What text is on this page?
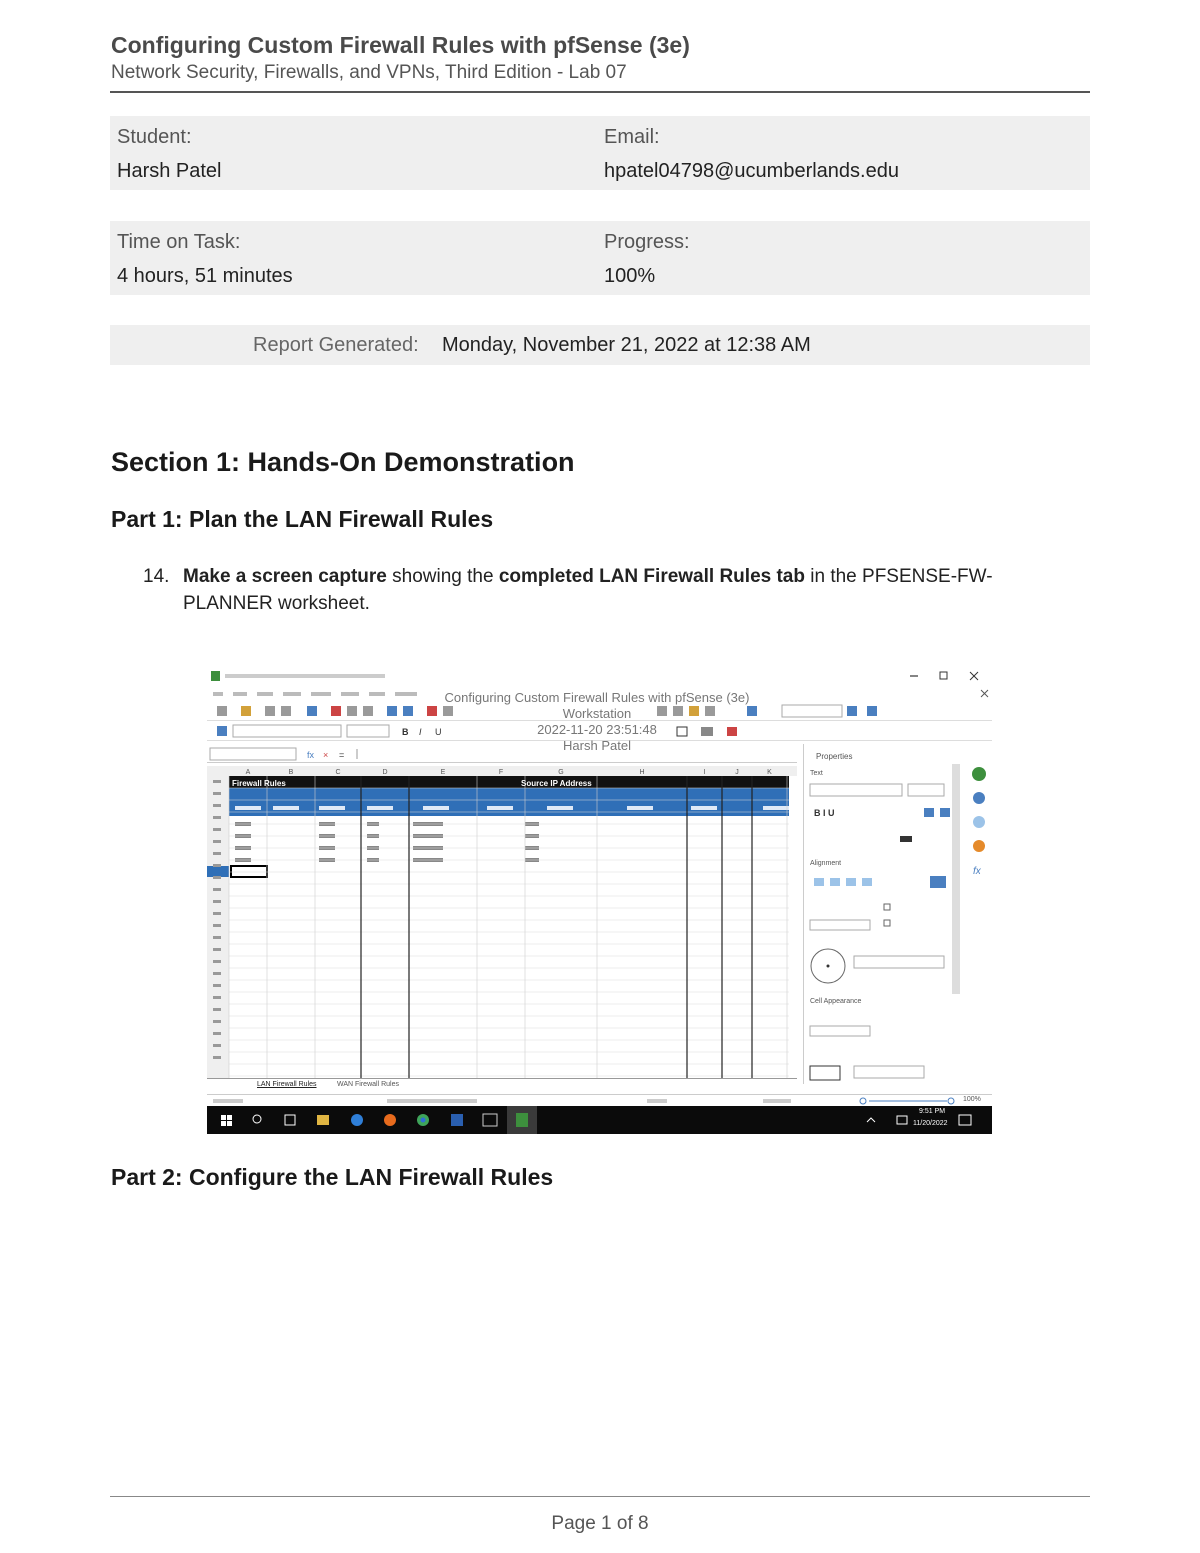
Configuring Custom Firewall Rules with pfSense (3e)
Network Security, Firewalls, and VPNs, Third Edition - Lab 07
Student:
Harsh Patel
Email:
hpatel04798@ucumberlands.edu
Time on Task:
4 hours, 51 minutes
Progress:
100%
Report Generated: Monday, November 21, 2022 at 12:38 AM
Section 1: Hands-On Demonstration
Part 1: Plan the LAN Firewall Rules
14. Make a screen capture showing the completed LAN Firewall Rules tab in the PFSENSE-FW-PLANNER worksheet.
B I U
Configuring Custom Firewall Rules with pfSense (3e)
Workstation
2022-11-20 23:51:48
Harsh Patel
fx × =
A	B	C	D	E	F	G	H	I	J	K
Firewall Rules	Source IP Address
Properties
Text
Alignment
Cell Appearance
B I U
fx
LAN Firewall Rules	WAN Firewall Rules
100%
9:51 PM
11/20/2022
Part 2: Configure the LAN Firewall Rules
Page 1 of 8
